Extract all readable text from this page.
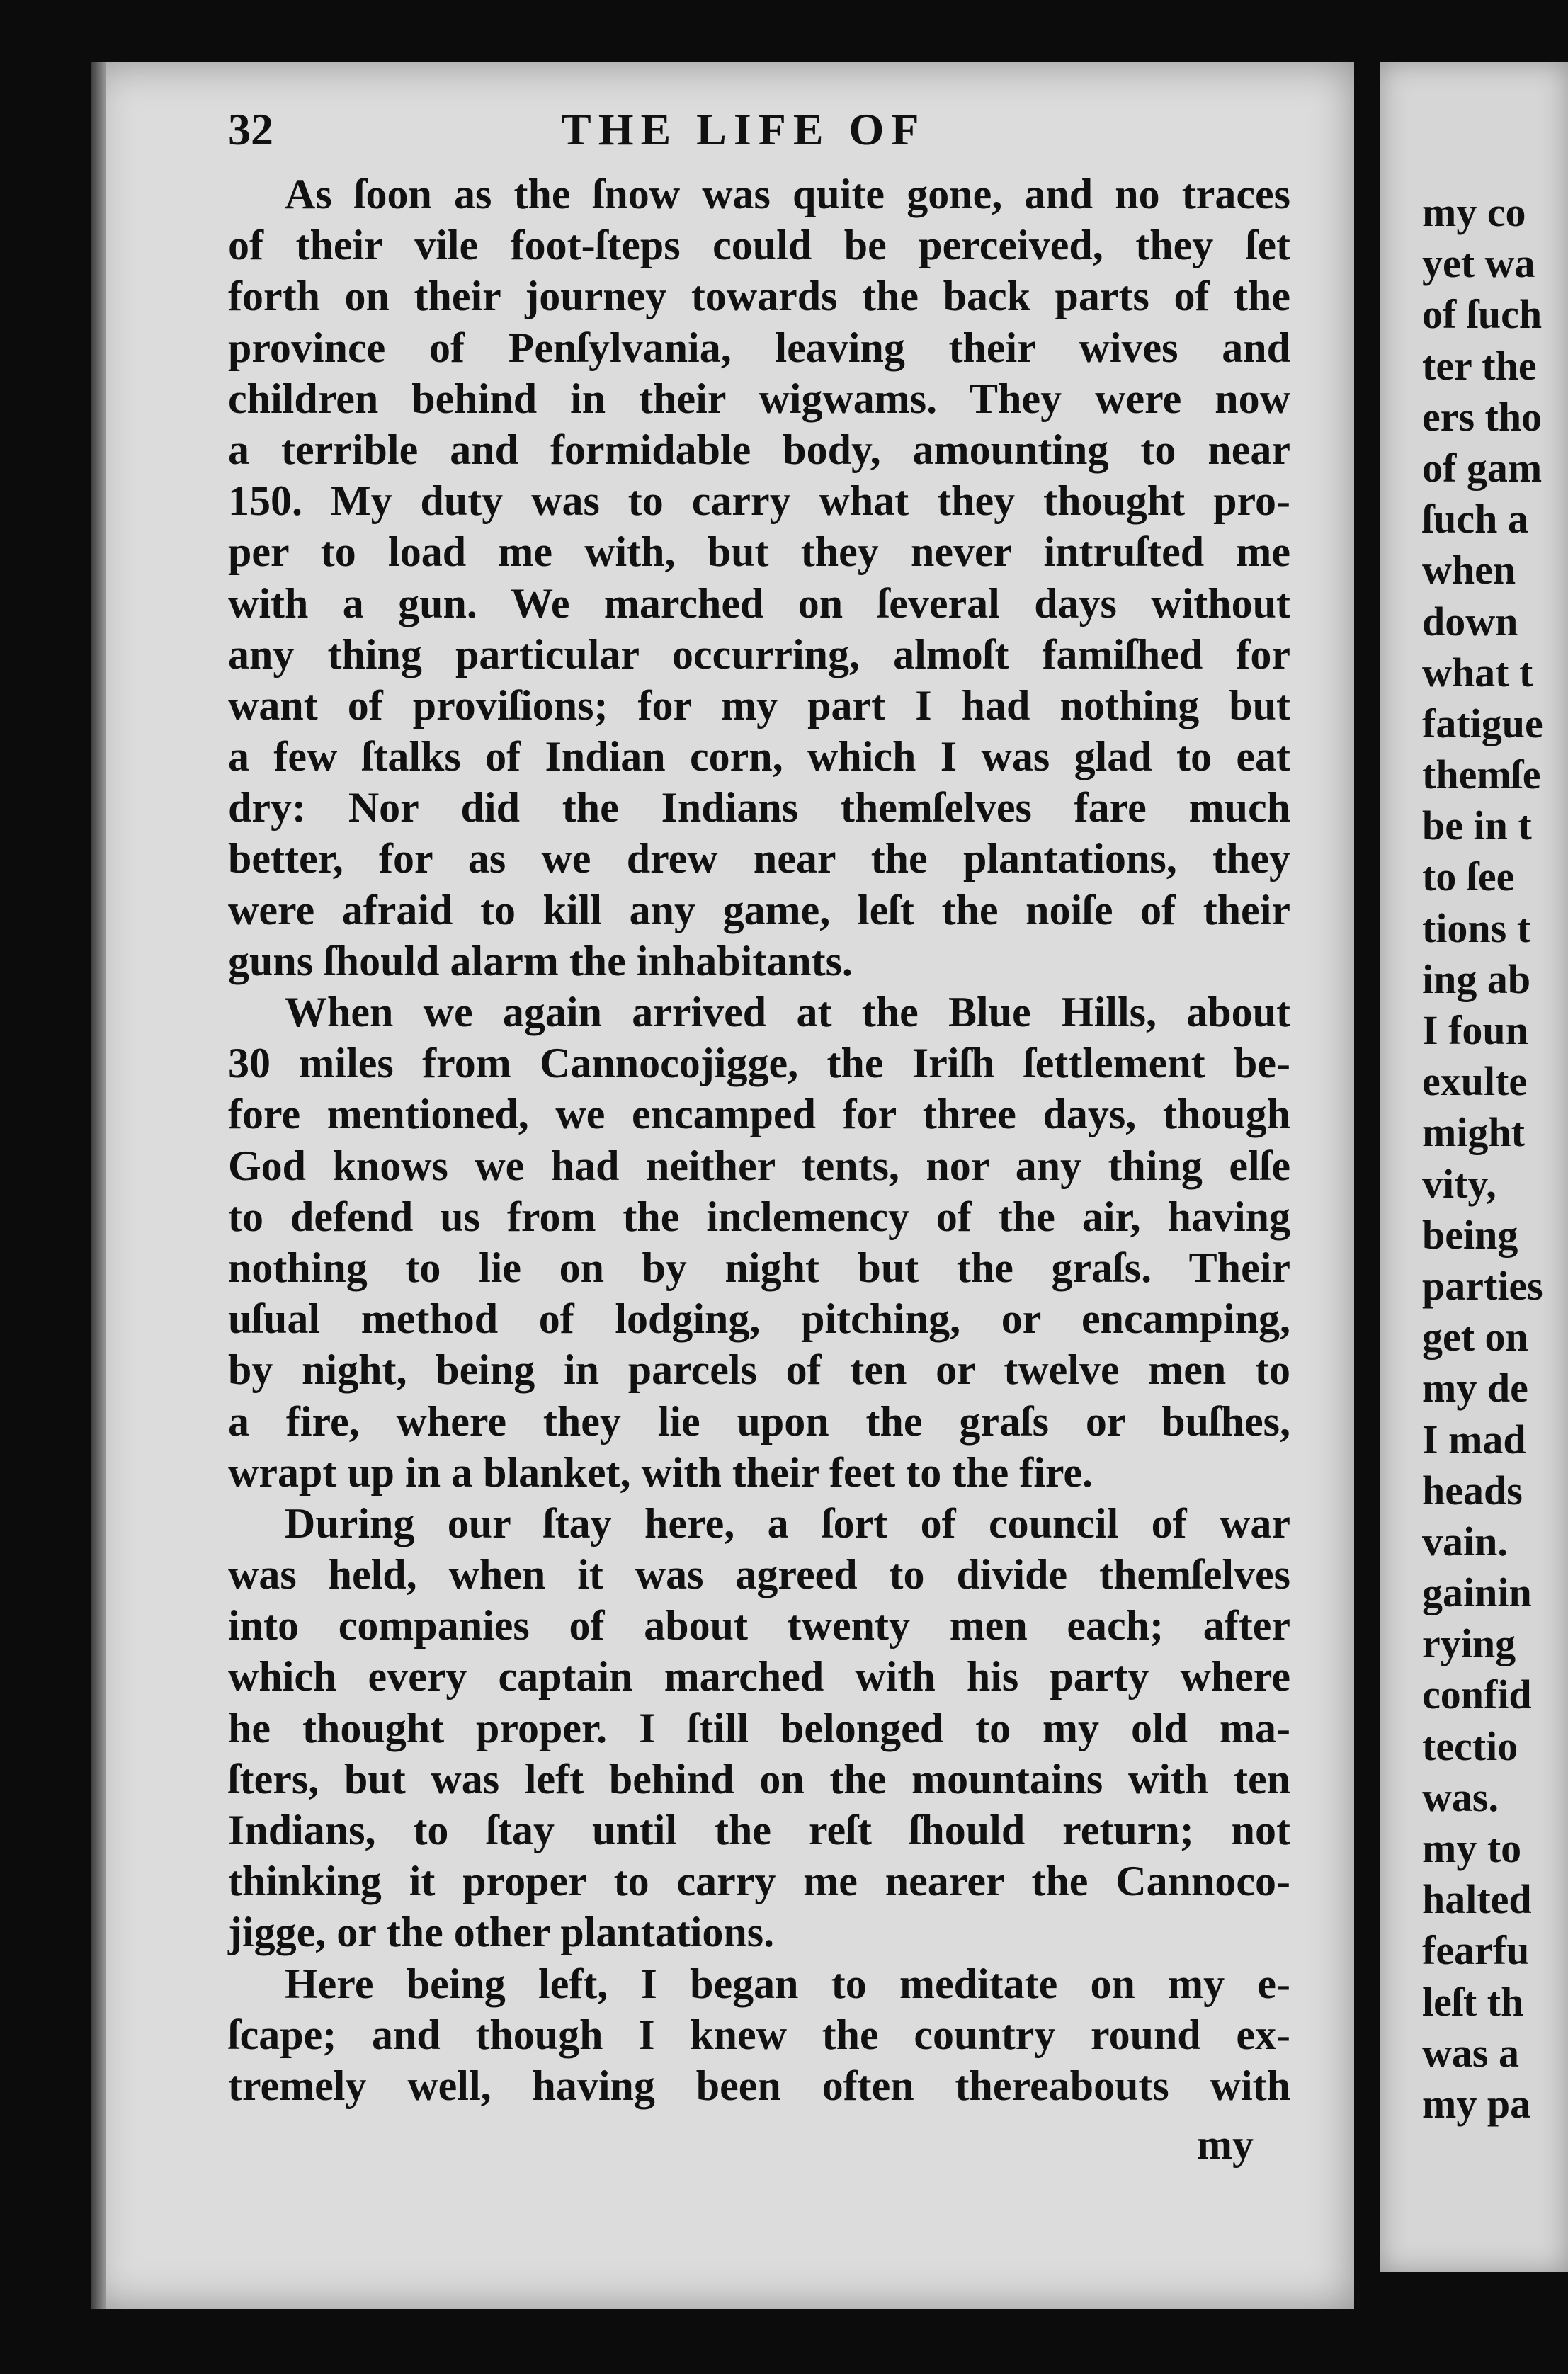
32	THE LIFE OF
As ſoon as the ſnow was quite gone, and no traces
of their vile foot-ſteps could be perceived, they ſet
forth on their journey towards the back parts of the
province of Penſylvania, leaving their wives and
children behind in their wigwams. They were now
a terrible and formidable body, amounting to near
150. My duty was to carry what they thought pro-
per to load me with, but they never intruſted me
with a gun. We marched on ſeveral days without
any thing particular occurring, almoſt famiſhed for
want of proviſions; for my part I had nothing but
a few ſtalks of Indian corn, which I was glad to eat
dry: Nor did the Indians themſelves fare much
better, for as we drew near the plantations, they
were afraid to kill any game, leſt the noiſe of their
guns ſhould alarm the inhabitants.
When we again arrived at the Blue Hills, about
30 miles from Cannocojigge, the Iriſh ſettlement be-
fore mentioned, we encamped for three days, though
God knows we had neither tents, nor any thing elſe
to defend us from the inclemency of the air, having
nothing to lie on by night but the graſs. Their
uſual method of lodging, pitching, or encamping,
by night, being in parcels of ten or twelve men to
a fire, where they lie upon the graſs or buſhes,
wrapt up in a blanket, with their feet to the fire.
During our ſtay here, a ſort of council of war
was held, when it was agreed to divide themſelves
into companies of about twenty men each; after
which every captain marched with his party where
he thought proper. I ſtill belonged to my old ma-
ſters, but was left behind on the mountains with ten
Indians, to ſtay until the reſt ſhould return; not
thinking it proper to carry me nearer the Cannoco-
jigge, or the other plantations.
Here being left, I began to meditate on my e-
ſcape; and though I knew the country round ex-
tremely well, having been often thereabouts with
my
my co
yet wa
of ſuch
ter the
ers tho
of gam
ſuch a
when
down
what t
fatigue
themſe
be in t
to ſee
tions t
ing ab
I foun
exulte
might
vity,
being
parties
get on
my de
I mad
heads
vain.
gainin
rying
confid
tectio
was.
my to
halted
fearfu
leſt th
was a
my pa
